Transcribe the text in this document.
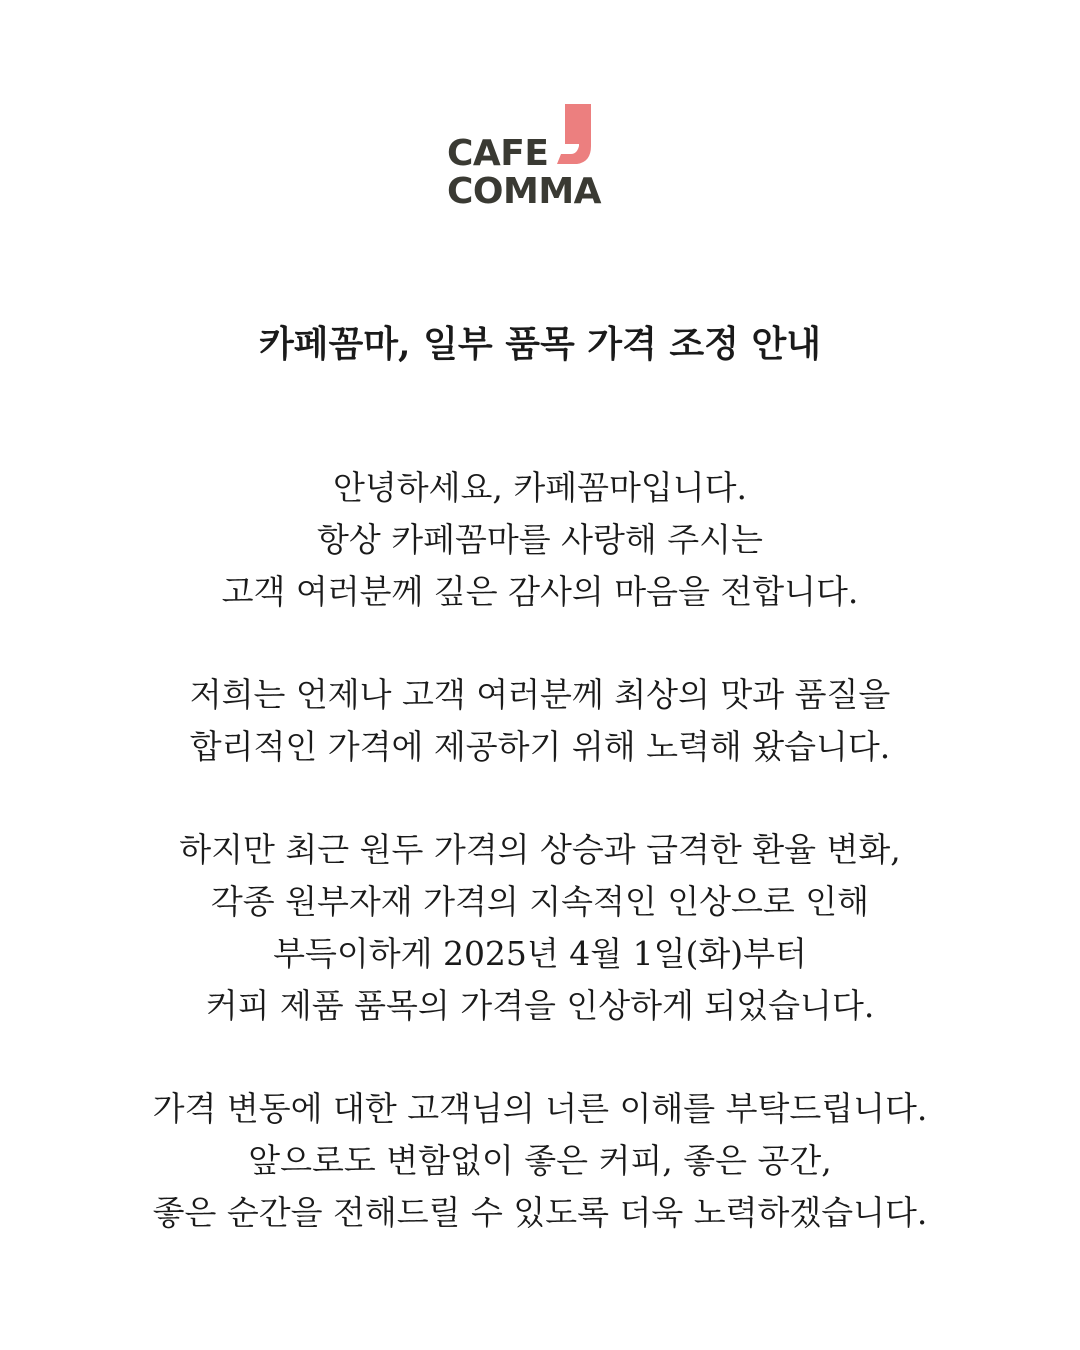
CAFE
COMMA
카페꼼마, 일부 품목 가격 조정 안내
안녕하세요, 카페꼼마입니다.
항상 카페꼼마를 사랑해 주시는
고객 여러분께 깊은 감사의 마음을 전합니다.
저희는 언제나 고객 여러분께 최상의 맛과 품질을
합리적인 가격에 제공하기 위해 노력해 왔습니다.
하지만 최근 원두 가격의 상승과 급격한 환율 변화,
각종 원부자재 가격의 지속적인 인상으로 인해
부득이하게 2025년 4월 1일(화)부터
커피 제품 품목의 가격을 인상하게 되었습니다.
가격 변동에 대한 고객님의 너른 이해를 부탁드립니다.
앞으로도 변함없이 좋은 커피, 좋은 공간,
좋은 순간을 전해드릴 수 있도록 더욱 노력하겠습니다.
